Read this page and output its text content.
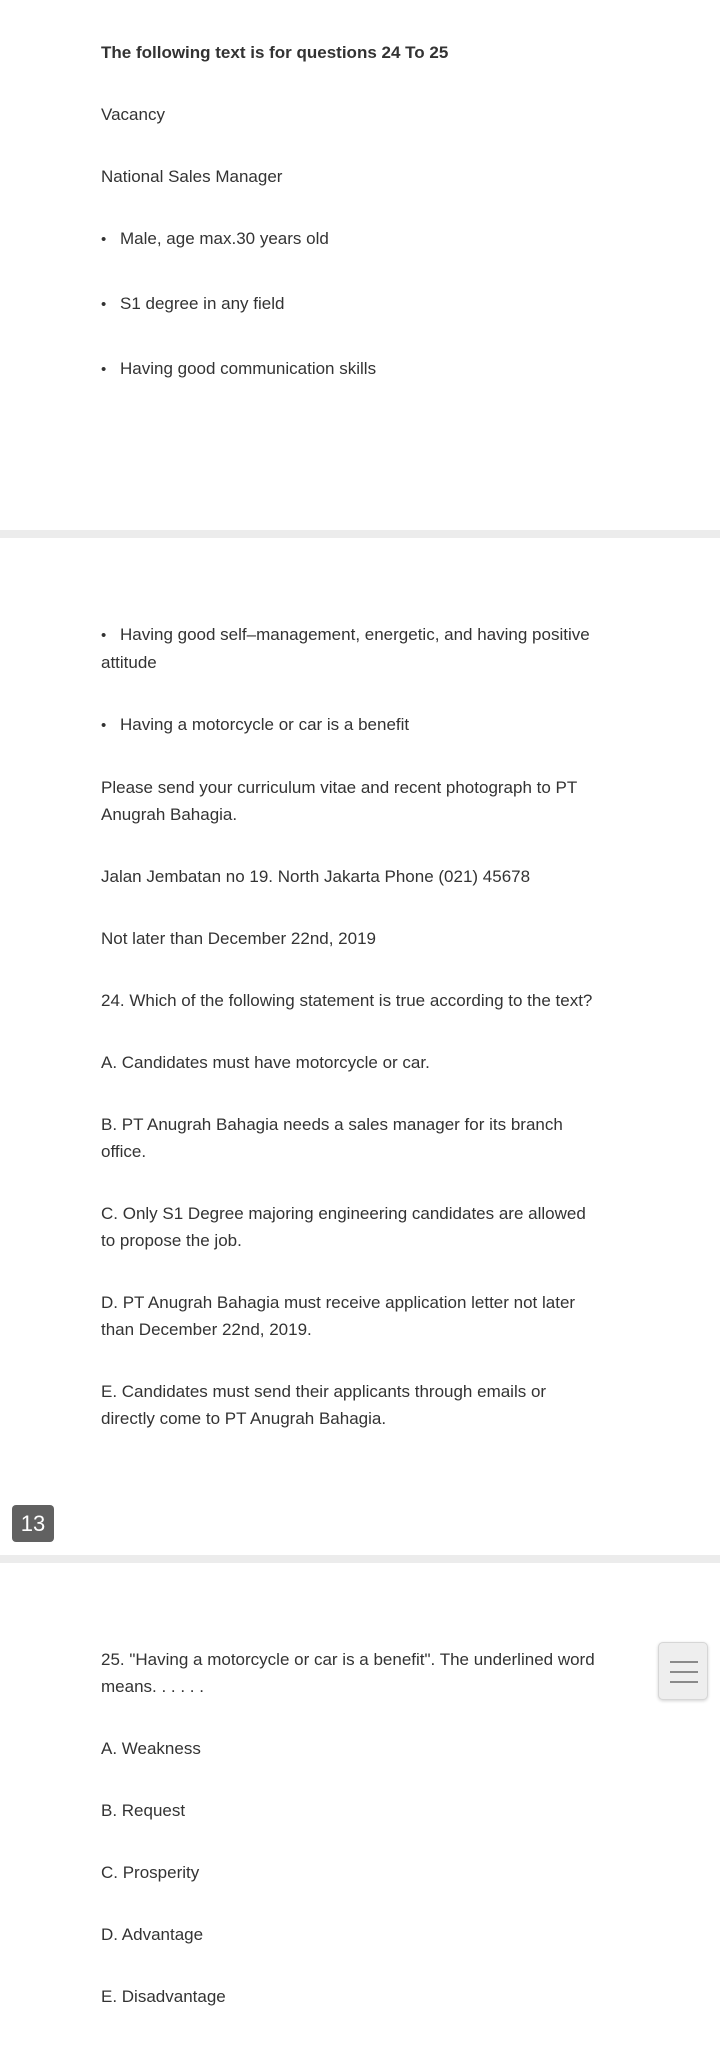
The following text is for questions 24 To 25

Vacancy

National Sales Manager

• Male, age max.30 years old

• S1 degree in any field

• Having good communication skills

• Having good self–management, energetic, and having positive attitude

• Having a motorcycle or car is a benefit

Please send your curriculum vitae and recent photograph to PT Anugrah Bahagia.

Jalan Jembatan no 19. North Jakarta Phone (021) 45678

Not later than December 22nd, 2019

24. Which of the following statement is true according to the text?

A. Candidates must have motorcycle or car.

B. PT Anugrah Bahagia needs a sales manager for its branch office.

C. Only S1 Degree majoring engineering candidates are allowed to propose the job.

D. PT Anugrah Bahagia must receive application letter not later than December 22nd, 2019.

E. Candidates must send their applicants through emails or directly come to PT Anugrah Bahagia.

13

25. "Having a motorcycle or car is a benefit". The underlined word means. . . . . .

A. Weakness

B. Request

C. Prosperity

D. Advantage

E. Disadvantage
